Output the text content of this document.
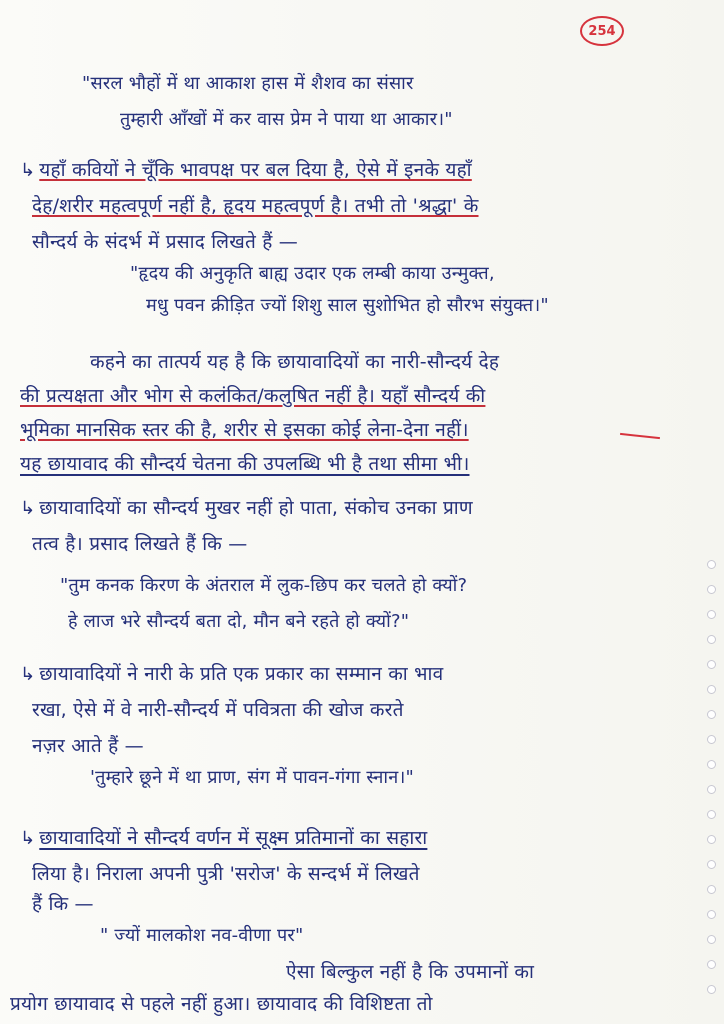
254
"सरल भौहों में था आकाश हास में शैशव का संसार
तुम्हारी आँखों में कर वास प्रेम ने पाया था आकार।"
↳ यहाँ कवियों ने चूँकि भावपक्ष पर बल दिया है, ऐसे में इनके यहाँ
देह/शरीर महत्वपूर्ण नहीं है, हृदय महत्वपूर्ण है। तभी तो 'श्रद्धा' के
सौन्दर्य के संदर्भ में प्रसाद लिखते हैं —
"हृदय की अनुकृति बाह्य उदार एक लम्बी काया उन्मुक्त,
मधु पवन क्रीड़ित ज्यों शिशु साल सुशोभित हो सौरभ संयुक्त।"
कहने का तात्पर्य यह है कि छायावादियों का नारी-सौन्दर्य देह
की प्रत्यक्षता और भोग से कलंकित/कलुषित नहीं है। यहाँ सौन्दर्य की
भूमिका मानसिक स्तर की है, शरीर से इसका कोई लेना-देना नहीं।
यह छायावाद की सौन्दर्य चेतना की उपलब्धि भी है तथा सीमा भी।
↳ छायावादियों का सौन्दर्य मुखर नहीं हो पाता, संकोच उनका प्राण
तत्व है। प्रसाद लिखते हैं कि —
"तुम कनक किरण के अंतराल में लुक-छिप कर चलते हो क्यों?
हे लाज भरे सौन्दर्य बता दो, मौन बने रहते हो क्यों?"
↳ छायावादियों ने नारी के प्रति एक प्रकार का सम्मान का भाव
रखा, ऐसे में वे नारी-सौन्दर्य में पवित्रता की खोज करते
नज़र आते हैं —
'तुम्हारे छूने में था प्राण, संग में पावन-गंगा स्नान।"
↳ छायावादियों ने सौन्दर्य वर्णन में सूक्ष्म प्रतिमानों का सहारा
लिया है। निराला अपनी पुत्री 'सरोज' के सन्दर्भ में लिखते
हैं कि —
" ज्यों मालकोश नव-वीणा पर"
ऐसा बिल्कुल नहीं है कि उपमानों का
प्रयोग छायावाद से पहले नहीं हुआ। छायावाद की विशिष्टता तो
